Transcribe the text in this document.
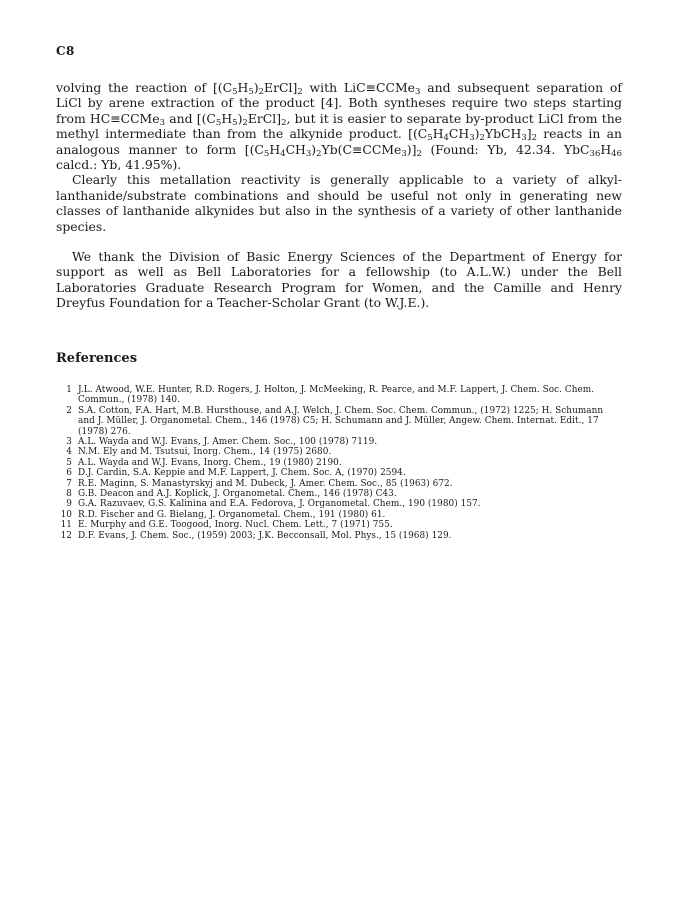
C8

volving the reaction of $[(C_5H_5)_2ErCl]_2$ with LiC≡CCMe$_3$ and subsequent separation of LiCl by arene extraction of the product [4]. Both syntheses require two steps starting from HC≡CCMe$_3$ and $[(C_5H_5)_2ErCl]_2$, but it is easier to separate by-product LiCl from the methyl intermediate than from the alkynide product. $[(C_5H_4CH_3)_2YbCH_3]_2$ reacts in an analogous manner to form $[(C_5H_4CH_3)_2Yb(C\equiv CCMe_3)]_2$ (Found: Yb, 42.34. $YbC_{36}H_{46}$ calcd.: Yb, 41.95%).

Clearly this metallation reactivity is generally applicable to a variety of alkyl-lanthanide/substrate combinations and should be useful not only in generating new classes of lanthanide alkynides but also in the synthesis of a variety of other lanthanide species.

We thank the Division of Basic Energy Sciences of the Department of Energy for support as well as Bell Laboratories for a fellowship (to A.L.W.) under the Bell Laboratories Graduate Research Program for Women, and the Camille and Henry Dreyfus Foundation for a Teacher-Scholar Grant (to W.J.E.).

References
1 J.L. Atwood, W.E. Hunter, R.D. Rogers, J. Holton, J. McMeeking, R. Pearce, and M.F. Lappert, J. Chem. Soc. Chem. Commun., (1978) 140.
2 S.A. Cotton, F.A. Hart, M.B. Hursthouse, and A.J. Welch, J. Chem. Soc. Chem. Commun., (1972) 1225; H. Schumann and J. Müller, J. Organometal. Chem., 146 (1978) C5; H. Schumann and J. Müller, Angew. Chem. Internat. Edit., 17 (1978) 276.
3 A.L. Wayda and W.J. Evans, J. Amer. Chem. Soc., 100 (1978) 7119.
4 N.M. Ely and M. Tsutsui, Inorg. Chem., 14 (1975) 2680.
5 A.L. Wayda and W.J. Evans, Inorg. Chem., 19 (1980) 2190.
6 D.J. Cardin, S.A. Keppie and M.F. Lappert, J. Chem. Soc. A, (1970) 2594.
7 R.E. Maginn, S. Manastyrskyj and M. Dubeck, J. Amer. Chem. Soc., 85 (1963) 672.
8 G.B. Deacon and A.J. Koplick, J. Organometal. Chem., 146 (1978) C43.
9 G.A. Razuvaev, G.S. Kalinina and E.A. Fedorova, J. Organometal. Chem., 190 (1980) 157.
10 R.D. Fischer and G. Bielang, J. Organometal. Chem., 191 (1980) 61.
11 E. Murphy and G.E. Toogood, Inorg. Nucl. Chem. Lett., 7 (1971) 755.
12 D.F. Evans, J. Chem. Soc., (1959) 2003; J.K. Becconsall, Mol. Phys., 15 (1968) 129.
